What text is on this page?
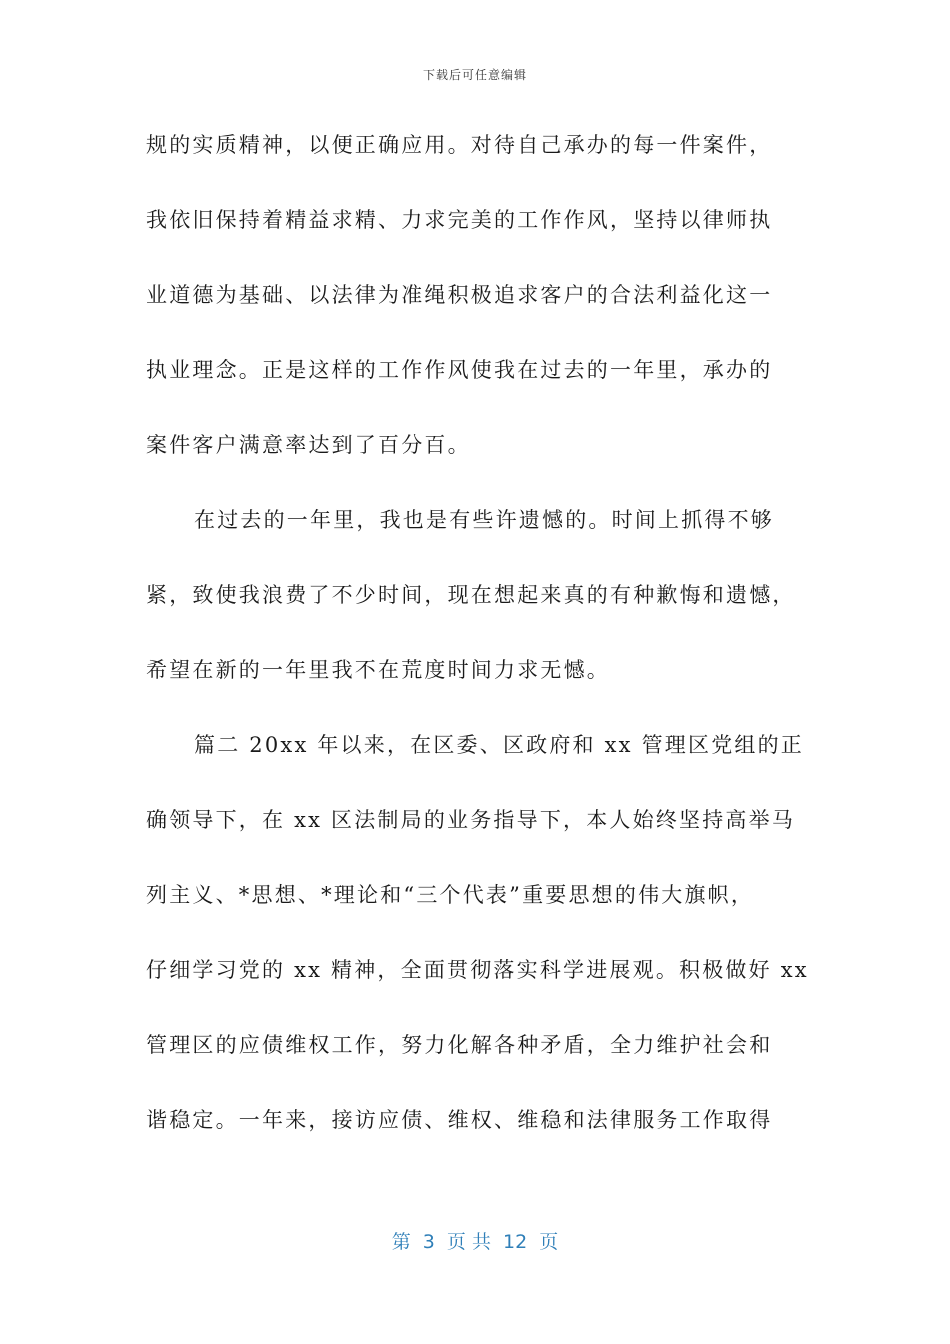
下载后可任意编辑
规的实质精神，以便正确应用。对待自己承办的每一件案件，
我依旧保持着精益求精、力求完美的工作作风，坚持以律师执
业道德为基础、以法律为准绳积极追求客户的合法利益化这一
执业理念。正是这样的工作作风使我在过去的一年里，承办的
案件客户满意率达到了百分百。
在过去的一年里，我也是有些许遗憾的。时间上抓得不够
紧，致使我浪费了不少时间，现在想起来真的有种歉悔和遗憾，
希望在新的一年里我不在荒度时间力求无憾。
篇二 20xx 年以来，在区委、区政府和 xx 管理区党组的正
确领导下，在 xx 区法制局的业务指导下，本人始终坚持高举马
列主义、*思想、*理论和“三个代表”重要思想的伟大旗帜，
仔细学习党的 xx 精神，全面贯彻落实科学进展观。积极做好 xx
管理区的应债维权工作，努力化解各种矛盾，全力维护社会和
谐稳定。一年来，接访应债、维权、维稳和法律服务工作取得
第  3  页 共  12  页
